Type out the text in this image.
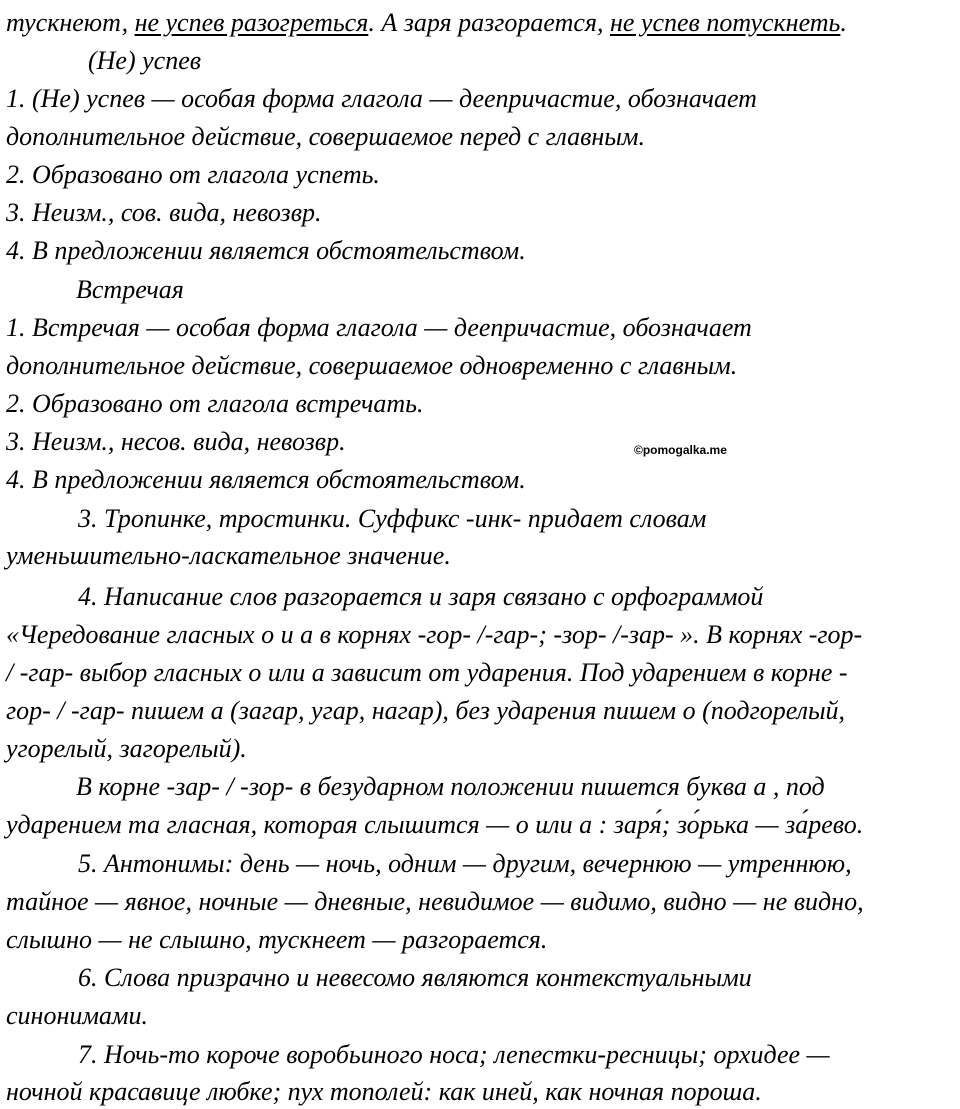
тускнеют, не успев разогреться. А заря разгорается, не успев потускнеть.
(Не) успев
1. (Не) успев — особая форма глагола — деепричастие, обозначает
дополнительное действие, совершаемое перед с главным.
2. Образовано от глагола успеть.
3. Неизм., сов. вида, невозвр.
4. В предложении является обстоятельством.
Встречая
1. Встречая — особая форма глагола — деепричастие, обозначает
дополнительное действие, совершаемое одновременно с главным.
2. Образовано от глагола встречать.
3. Неизм., несов. вида, невозвр.
4. В предложении является обстоятельством.
3. Тропинке, тростинки. Суффикс -инк- придает словам
уменьшительно-ласкательное значение.
4. Написание слов разгорается и заря связано с орфограммой
«Чередование гласных о и а в корнях -гор- /-гар-; -зор- /-зар- ». В корнях -гор-
/ -гар- выбор гласных о или а зависит от ударения. Под ударением в корне -
гор- / -гар- пишем а (загар, угар, нагар), без ударения пишем о (подгорелый,
угорелый, загорелый).
В корне -зар- / -зор- в безударном положении пишется буква а , под
ударением та гласная, которая слышится — о или а : заря́; зо́рька — за́рево.
5. Антонимы: день — ночь, одним — другим, вечернюю — утреннюю,
тайное — явное, ночные — дневные, невидимое — видимо, видно — не видно,
слышно — не слышно, тускнеет — разгорается.
6. Слова призрачно и невесомо являются контекстуальными
синонимами.
7. Ночь-то короче воробьиного носа; лепестки-ресницы; орхидее —
ночной красавице любке; пух тополей: как иней, как ночная пороша.
©pomogalka.me
